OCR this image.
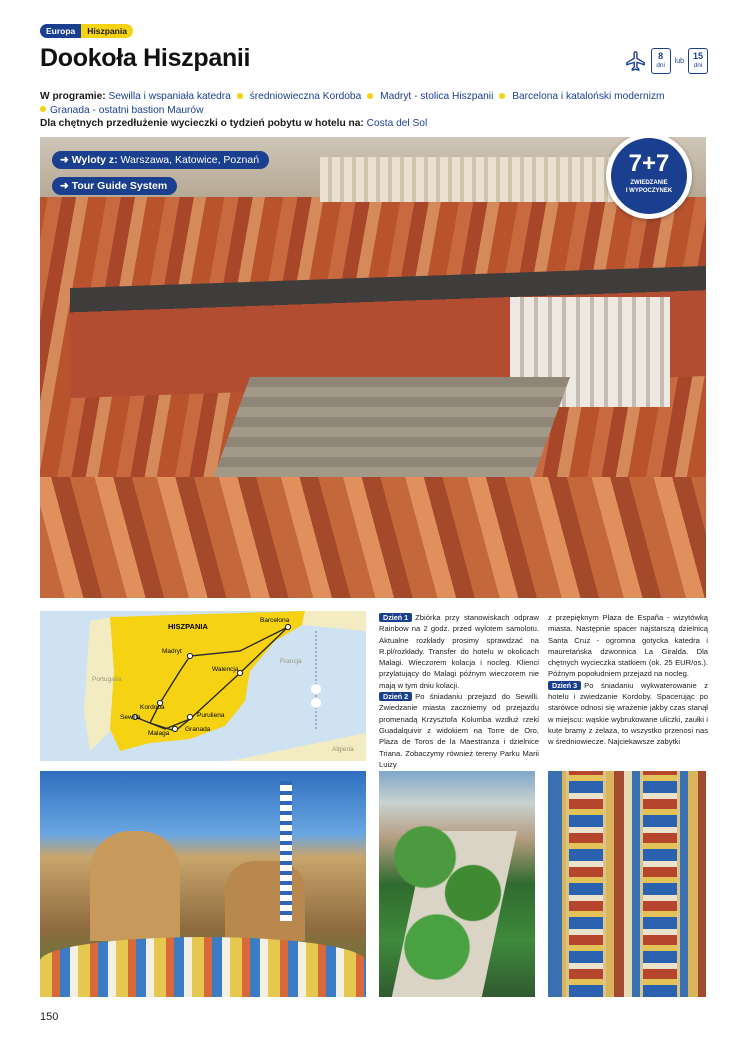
Europa	Hiszpania
Dookoła Hiszpanii	8
dni
lub 15
dni
W programie: Sewilla i wspaniała katedra średniowieczna Kordoba Madryt - stolica Hiszpanii Barcelona i kataloński modernizm
Granada - ostatni bastion Maurów
Dla chętnych przedłużenie wycieczki o tydzień pobytu w hotelu na: Costa del Sol
➜ Wyloty z: Warszawa, Katowice, Poznań
➜ Tour Guide System
7+7
ZWIEDZANIE
I WYPOCZYNEK
HISZPANIA
Barcelona
Madryt
Walencja
Kordoba
Sewilla	Puruliena
Granada
Malaga
Portugalia
Francja
Algieria

Dzień 1 Zbiórka przy stanowiskach odpraw Rainbow na 2 godz. przed wylotem samolotu. Aktualne rozkłady prosimy sprawdzać na R.pl/rozkłady. Transfer do hotelu w okolicach Malagi. Wieczorem kolacja i nocleg. Klienci przylatujący do Malagi późnym wieczorem nie mają w tym dniu kolacji.

Dzień 2 Po śniadaniu przejazd do Sewilli. Zwiedzanie miasta zaczniemy od przejazdu promenadą Krzysztofa Kolumba wzdłuż rzeki Guadalquivir z widokiem na Torre de Oro, Plaza de Toros de la Maestranza i dzielnice Triana. Zobaczymy również tereny Parku Marii Luizy

z przepięknym Plaza de España - wizytówką miasta. Następnie spacer najstarszą dzielnicą Santa Cruz - ogromna gotycka katedra i mauretańska dzwonnica La Giralda. Dla chętnych wycieczka statkiem (ok. 25 EUR/os.). Późnym popołudniem przejazd na nocleg.

Dzień 3 Po śniadaniu wykwaterowanie z hotelu i zwiedzanie Kordoby. Spacerując po starówce odnosi się wrażenie jakby czas stanął w miejscu: wąskie wybrukowane uliczki, zaułki i kute bramy z żelaza, to wszystko przenosi nas w średniowiecze. Najciekawsze zabytki

150
